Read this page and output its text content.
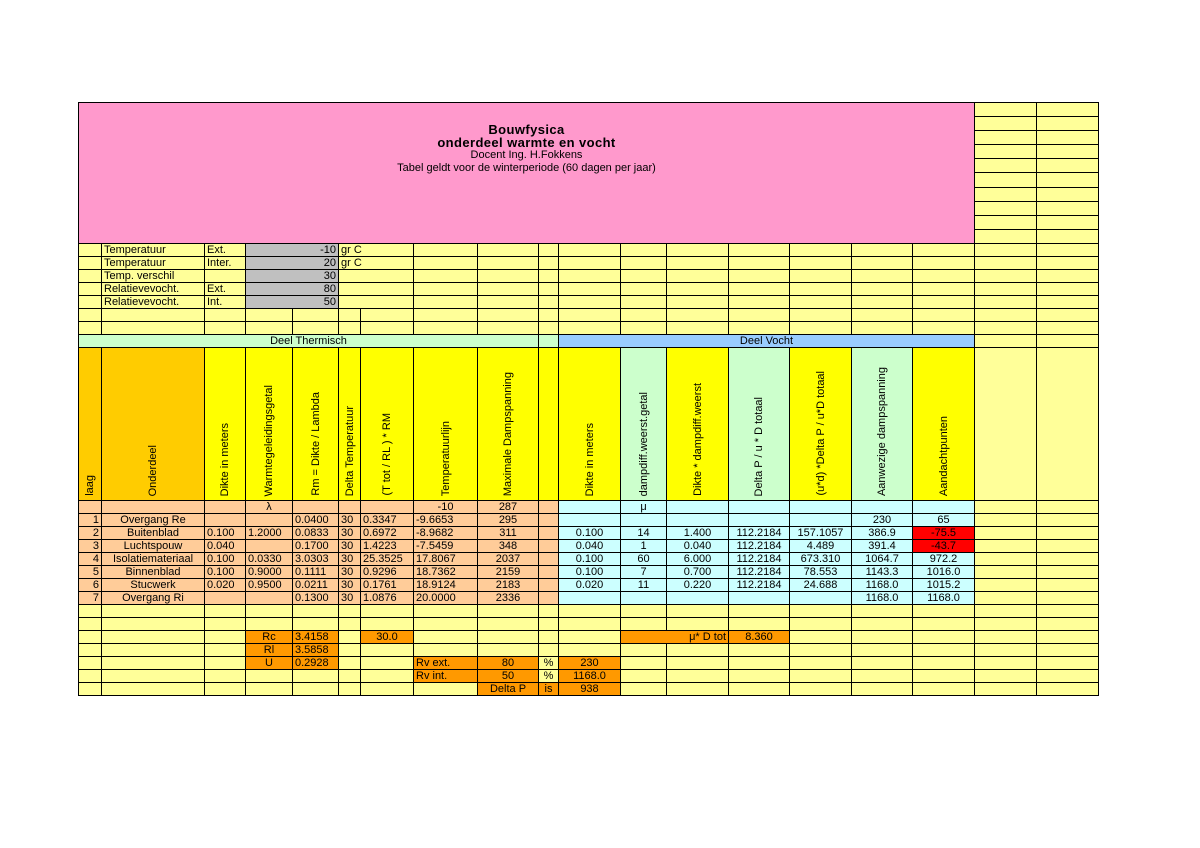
Bouwfysica
onderdeel warmte en vocht
Docent Ing. H.Fokkens
Tabel geldt voor de winterperiode (60 dagen per jaar)																		

	Temperatuur	Ext.	-10		gr C													
	Temperatuur	Inter.	20		gr C													
	Temp. verschil		30															
	Relatievevocht.	Ext.	80															
	Relatievevocht.	Int.	50															

Deel Thermisch										Deel Vocht								

laag	Onderdeel	Dikte in meters	Warmtegeleidingsgetal	Rm = Dikte / Lambda	Delta Temperatuur	(T tot / RL ) * RM	Temperatuurlijn	Maximale Dampspanning		Dikte in meters	dampdiff.weerst.getal	Dikte * dampdiff.weerst	Delta P / u * D totaal	(u*d) *Delta P / u*D totaal	Aanwezige dampspanning	Aandachtpunten		

			λ				-10	287			μ							
1	Overgang Re			0.0400	30	0.3347	-9.6653	295							230	65		
2	Buitenblad	0.100	1.2000	0.0833	30	0.6972	-8.9682	311		0.100	14	1.400	112.2184	157.1057	386.9	-75.5		
3	Luchtspouw	0.040		0.1700	30	1.4223	-7.5459	348		0.040	1	0.040	112.2184	4.489	391.4	-43.7		
4	Isolatiemateriaal	0.100	0.0330	3.0303	30	25.3525	17.8067	2037		0.100	60	6.000	112.2184	673.310	1064.7	972.2		
5	Binnenblad	0.100	0.9000	0.1111	30	0.9296	18.7362	2159		0.100	7	0.700	112.2184	78.553	1143.3	1016.0		
6	Stucwerk	0.020	0.9500	0.0211	30	0.1761	18.9124	2183		0.020	11	0.220	112.2184	24.688	1168.0	1015.2		
7	Overgang Ri			0.1300	30	1.0876	20.0000	2336							1168.0	1168.0		

			Rc	3.4158		30.0					μ* D tot		8.360					
			Rl	3.5858														
			U	0.2928			Rv ext.	80	%	230								
							Rv int.	50	%	1168.0								
								Delta P	is	938								
